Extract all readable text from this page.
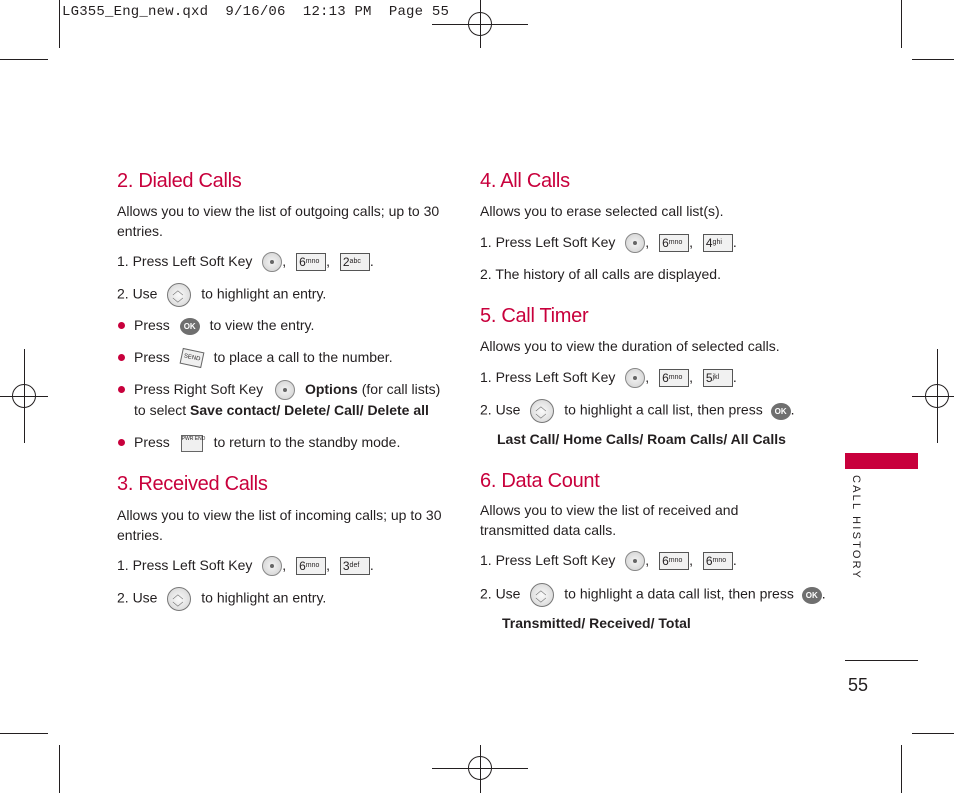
LG355_Eng_new.qxd  9/16/06  12:13 PM  Page 55
2. Dialed Calls
Allows you to view the list of outgoing calls; up to 30 entries.
1. Press Left Soft Key , $6^{mno}$ , $2^{abc}$ .
2. Use ︿ ﹀	to highlight an entry.
Press OK to view the entry.
Press SEND to place a call to the number.
Press Right Soft Key	Options (for call lists)
to select Save contact/ Delete/ Call/ Delete all
Press PWR END to return to the standby mode.
3. Received Calls
Allows you to view the list of incoming calls; up to 30 entries.
1. Press Left Soft Key , $6^{mno}$ , $3^{def}$ .
2. Use ︿ ﹀	to highlight an entry.
4. All Calls
Allows you to erase selected call list(s).
1. Press Left Soft Key , $6^{mno}$ , $4^{ghi}$ .
2. The history of all calls are displayed.
5. Call Timer
Allows you to view the duration of selected calls.
1. Press Left Soft Key , $6^{mno}$ , $5^{jkl}$ .
2. Use ︿ ﹀	to highlight a call list, then press OK .
Last Call/ Home Calls/ Roam Calls/ All Calls
6. Data Count
Allows you to view the list of received and transmitted data calls.
1. Press Left Soft Key , $6^{mno}$ , $6^{mno}$ .
2. Use ︿ ﹀	to highlight a data call list, then press OK .
Transmitted/ Received/ Total
CALL HISTORY
55
